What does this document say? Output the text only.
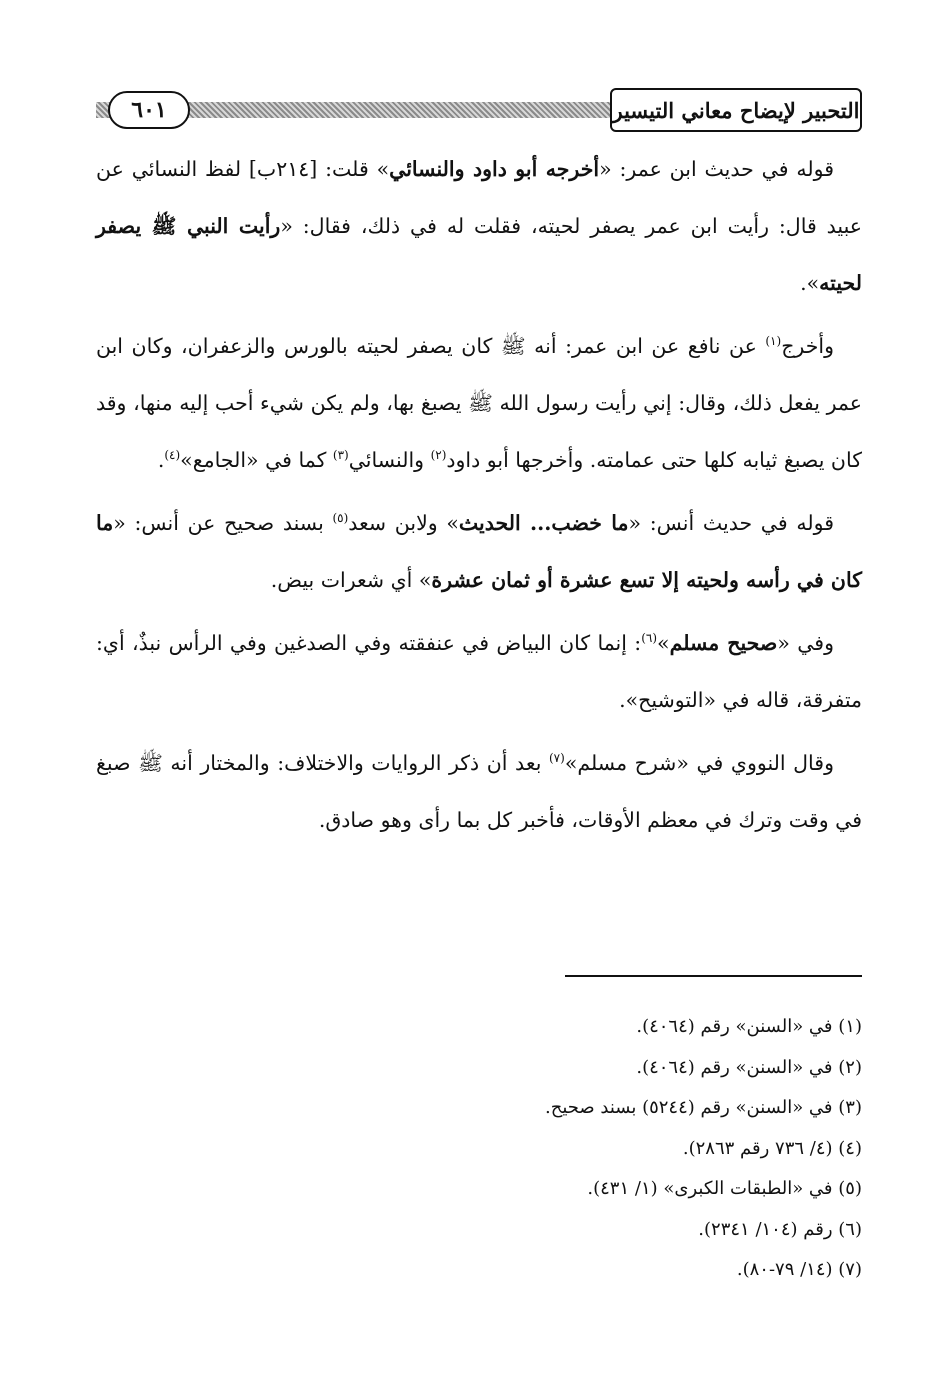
التحبير لإيضاح معاني التيسير
٦٠١

قوله في حديث ابن عمر: «أخرجه أبو داود والنسائي» قلت: [٢١٤ب] لفظ النسائي عن عبيد قال: رأيت ابن عمر يصفر لحيته، فقلت له في ذلك، فقال: «رأيت النبي ﷺ يصفر لحيته».

وأخرج$^{(١)}$ عن نافع عن ابن عمر: أنه ﷺ كان يصفر لحيته بالورس والزعفران، وكان ابن عمر يفعل ذلك، وقال: إني رأيت رسول الله ﷺ يصبغ بها، ولم يكن شيء أحب إليه منها، وقد كان يصبغ ثيابه كلها حتى عمامته. وأخرجها أبو داود$^{(٢)}$ والنسائي$^{(٣)}$ كما في «الجامع»$^{(٤)}$.

قوله في حديث أنس: «ما خضب... الحديث» ولابن سعد$^{(٥)}$ بسند صحيح عن أنس: «ما كان في رأسه ولحيته إلا تسع عشرة أو ثمان عشرة» أي شعرات بيض.

وفي «صحيح مسلم»$^{(٦)}$: إنما كان البياض في عنفقته وفي الصدغين وفي الرأس نبذٌ، أي: متفرقة، قاله في «التوشيح».

وقال النووي في «شرح مسلم»$^{(٧)}$ بعد أن ذكر الروايات والاختلاف: والمختار أنه ﷺ صبغ في وقت وترك في معظم الأوقات، فأخبر كل بما رأى وهو صادق.

(١) في «السنن» رقم (٤٠٦٤).
(٢) في «السنن» رقم (٤٠٦٤).
(٣) في «السنن» رقم (٥٢٤٤) بسند صحيح.
(٤) (٤/ ٧٣٦ رقم ٢٨٦٣).
(٥) في «الطبقات الكبرى» (١/ ٤٣١).
(٦) رقم (١٠٤/ ٢٣٤١).
(٧) (١٤/ ٧٩-٨٠).
